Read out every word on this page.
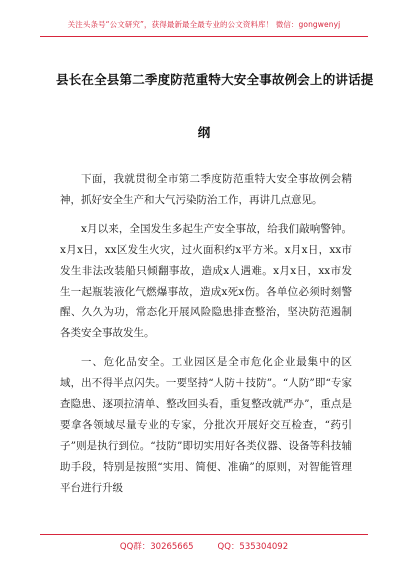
关注头条号“公文研究”，获得最新最全最专业的公文资料库！ 微信：gongwenyj
县长在全县第二季度防范重特大安全事故例会上的讲话提
纲

下面，我就贯彻全市第二季度防范重特大安全事故例会精神，抓好安全生产和大气污染防治工作，再讲几点意见。

x月以来，全国发生多起生产安全事故，给我们敲响警钟。x月x日，xx区发生火灾，过火面积约x平方米。x月x日，xx市发生非法改装船只倾翻事故，造成x人遇难。x月x日，xx市发生一起瓶装液化气燃爆事故，造成x死x伤。各单位必须时刻警醒、久久为功，常态化开展风险隐患排查整治，坚决防范遏制各类安全事故发生。

一、危化品安全。工业园区是全市危化企业最集中的区域，出不得半点闪失。一要坚持“人防＋技防”。“人防”即“专家查隐患、逐项拉清单、整改回头看，重复整改就严办”，重点是要拿各领域尽量专业的专家，分批次开展好交互检查，“药引子”则是执行到位。“技防”即切实用好各类仪器、设备等科技辅助手段，特别是按照“实用、简便、准确”的原则，对智能管理平台进行升级

QQ群：30265665	QQ：535304092
